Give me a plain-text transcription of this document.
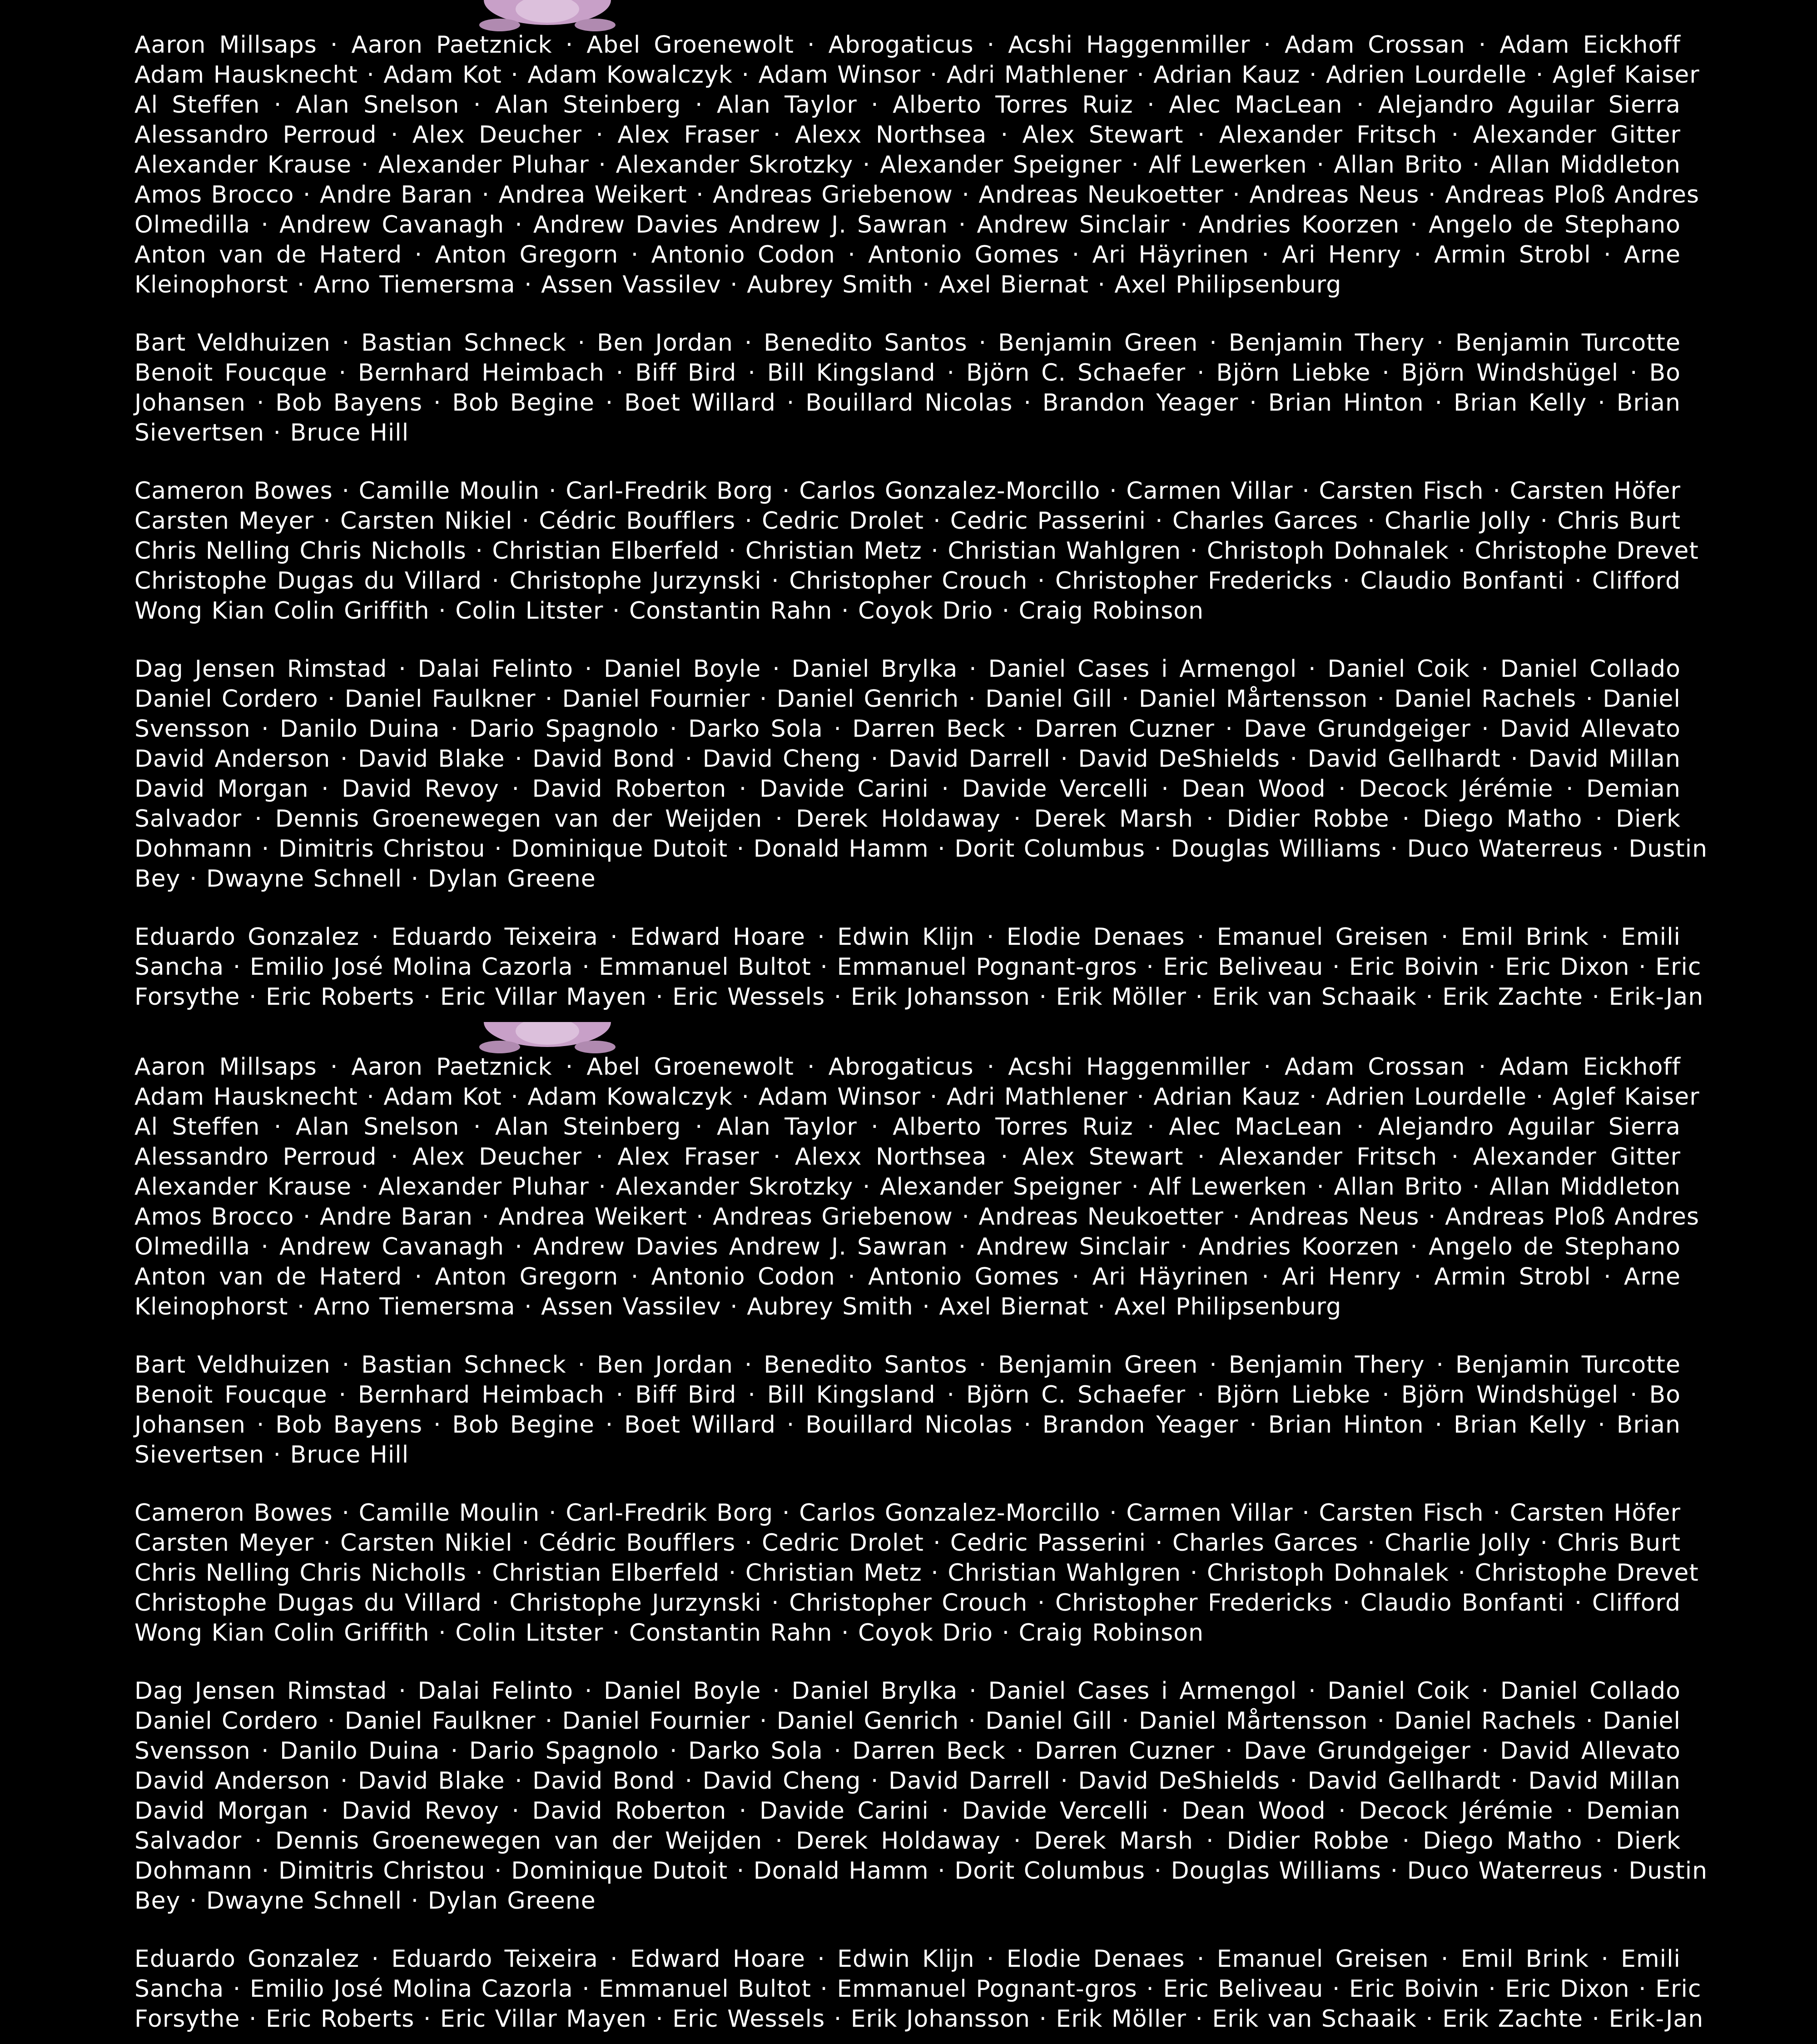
Aaron Millsaps · Aaron Paetznick · Abel Groenewolt · Abrogaticus · Acshi Haggenmiller · Adam Crossan · Adam Eickhoff
Adam Hausknecht · Adam Kot · Adam Kowalczyk · Adam Winsor · Adri Mathlener · Adrian Kauz · Adrien Lourdelle · Aglef Kaiser
Al Steffen · Alan Snelson · Alan Steinberg · Alan Taylor · Alberto Torres Ruiz · Alec MacLean · Alejandro Aguilar Sierra
Alessandro Perroud · Alex Deucher · Alex Fraser · Alexx Northsea · Alex Stewart · Alexander Fritsch · Alexander Gitter
Alexander Krause · Alexander Pluhar · Alexander Skrotzky · Alexander Speigner · Alf Lewerken · Allan Brito · Allan Middleton
Amos Brocco · Andre Baran · Andrea Weikert · Andreas Griebenow · Andreas Neukoetter · Andreas Neus · Andreas Ploß Andres
Olmedilla · Andrew Cavanagh · Andrew Davies Andrew J. Sawran · Andrew Sinclair · Andries Koorzen · Angelo de Stephano
Anton van de Haterd · Anton Gregorn · Antonio Codon · Antonio Gomes · Ari Häyrinen · Ari Henry · Armin Strobl · Arne
Kleinophorst · Arno Tiemersma · Assen Vassilev · Aubrey Smith · Axel Biernat · Axel Philipsenburg
Bart Veldhuizen · Bastian Schneck · Ben Jordan · Benedito Santos · Benjamin Green · Benjamin Thery · Benjamin Turcotte
Benoit Foucque · Bernhard Heimbach · Biff Bird · Bill Kingsland · Björn C. Schaefer · Björn Liebke · Björn Windshügel · Bo
Johansen · Bob Bayens · Bob Begine · Boet Willard · Bouillard Nicolas · Brandon Yeager · Brian Hinton · Brian Kelly · Brian
Sievertsen · Bruce Hill
Cameron Bowes · Camille Moulin · Carl-Fredrik Borg · Carlos Gonzalez-Morcillo · Carmen Villar · Carsten Fisch · Carsten Höfer
Carsten Meyer · Carsten Nikiel · Cédric Boufflers · Cedric Drolet · Cedric Passerini · Charles Garces · Charlie Jolly · Chris Burt
Chris Nelling Chris Nicholls · Christian Elberfeld · Christian Metz · Christian Wahlgren · Christoph Dohnalek · Christophe Drevet
Christophe Dugas du Villard · Christophe Jurzynski · Christopher Crouch · Christopher Fredericks · Claudio Bonfanti · Clifford
Wong Kian Colin Griffith · Colin Litster · Constantin Rahn · Coyok Drio · Craig Robinson
Dag Jensen Rimstad · Dalai Felinto · Daniel Boyle · Daniel Brylka · Daniel Cases i Armengol · Daniel Coik · Daniel Collado
Daniel Cordero · Daniel Faulkner · Daniel Fournier · Daniel Genrich · Daniel Gill · Daniel Mårtensson · Daniel Rachels · Daniel
Svensson · Danilo Duina · Dario Spagnolo · Darko Sola · Darren Beck · Darren Cuzner · Dave Grundgeiger · David Allevato
David Anderson · David Blake · David Bond · David Cheng · David Darrell · David DeShields · David Gellhardt · David Millan
David Morgan · David Revoy · David Roberton · Davide Carini · Davide Vercelli · Dean Wood · Decock Jérémie · Demian
Salvador · Dennis Groenewegen van der Weijden · Derek Holdaway · Derek Marsh · Didier Robbe · Diego Matho · Dierk
Dohmann · Dimitris Christou · Dominique Dutoit · Donald Hamm · Dorit Columbus · Douglas Williams · Duco Waterreus · Dustin
Bey · Dwayne Schnell · Dylan Greene
Eduardo Gonzalez · Eduardo Teixeira · Edward Hoare · Edwin Klijn · Elodie Denaes · Emanuel Greisen · Emil Brink · Emili
Sancha · Emilio José Molina Cazorla · Emmanuel Bultot · Emmanuel Pognant-gros · Eric Beliveau · Eric Boivin · Eric Dixon · Eric
Forsythe · Eric Roberts · Eric Villar Mayen · Eric Wessels · Erik Johansson · Erik Möller · Erik van Schaaik · Erik Zachte · Erik-Jan
Aaron Millsaps · Aaron Paetznick · Abel Groenewolt · Abrogaticus · Acshi Haggenmiller · Adam Crossan · Adam Eickhoff
Adam Hausknecht · Adam Kot · Adam Kowalczyk · Adam Winsor · Adri Mathlener · Adrian Kauz · Adrien Lourdelle · Aglef Kaiser
Al Steffen · Alan Snelson · Alan Steinberg · Alan Taylor · Alberto Torres Ruiz · Alec MacLean · Alejandro Aguilar Sierra
Alessandro Perroud · Alex Deucher · Alex Fraser · Alexx Northsea · Alex Stewart · Alexander Fritsch · Alexander Gitter
Alexander Krause · Alexander Pluhar · Alexander Skrotzky · Alexander Speigner · Alf Lewerken · Allan Brito · Allan Middleton
Amos Brocco · Andre Baran · Andrea Weikert · Andreas Griebenow · Andreas Neukoetter · Andreas Neus · Andreas Ploß Andres
Olmedilla · Andrew Cavanagh · Andrew Davies Andrew J. Sawran · Andrew Sinclair · Andries Koorzen · Angelo de Stephano
Anton van de Haterd · Anton Gregorn · Antonio Codon · Antonio Gomes · Ari Häyrinen · Ari Henry · Armin Strobl · Arne
Kleinophorst · Arno Tiemersma · Assen Vassilev · Aubrey Smith · Axel Biernat · Axel Philipsenburg
Bart Veldhuizen · Bastian Schneck · Ben Jordan · Benedito Santos · Benjamin Green · Benjamin Thery · Benjamin Turcotte
Benoit Foucque · Bernhard Heimbach · Biff Bird · Bill Kingsland · Björn C. Schaefer · Björn Liebke · Björn Windshügel · Bo
Johansen · Bob Bayens · Bob Begine · Boet Willard · Bouillard Nicolas · Brandon Yeager · Brian Hinton · Brian Kelly · Brian
Sievertsen · Bruce Hill
Cameron Bowes · Camille Moulin · Carl-Fredrik Borg · Carlos Gonzalez-Morcillo · Carmen Villar · Carsten Fisch · Carsten Höfer
Carsten Meyer · Carsten Nikiel · Cédric Boufflers · Cedric Drolet · Cedric Passerini · Charles Garces · Charlie Jolly · Chris Burt
Chris Nelling Chris Nicholls · Christian Elberfeld · Christian Metz · Christian Wahlgren · Christoph Dohnalek · Christophe Drevet
Christophe Dugas du Villard · Christophe Jurzynski · Christopher Crouch · Christopher Fredericks · Claudio Bonfanti · Clifford
Wong Kian Colin Griffith · Colin Litster · Constantin Rahn · Coyok Drio · Craig Robinson
Dag Jensen Rimstad · Dalai Felinto · Daniel Boyle · Daniel Brylka · Daniel Cases i Armengol · Daniel Coik · Daniel Collado
Daniel Cordero · Daniel Faulkner · Daniel Fournier · Daniel Genrich · Daniel Gill · Daniel Mårtensson · Daniel Rachels · Daniel
Svensson · Danilo Duina · Dario Spagnolo · Darko Sola · Darren Beck · Darren Cuzner · Dave Grundgeiger · David Allevato
David Anderson · David Blake · David Bond · David Cheng · David Darrell · David DeShields · David Gellhardt · David Millan
David Morgan · David Revoy · David Roberton · Davide Carini · Davide Vercelli · Dean Wood · Decock Jérémie · Demian
Salvador · Dennis Groenewegen van der Weijden · Derek Holdaway · Derek Marsh · Didier Robbe · Diego Matho · Dierk
Dohmann · Dimitris Christou · Dominique Dutoit · Donald Hamm · Dorit Columbus · Douglas Williams · Duco Waterreus · Dustin
Bey · Dwayne Schnell · Dylan Greene
Eduardo Gonzalez · Eduardo Teixeira · Edward Hoare · Edwin Klijn · Elodie Denaes · Emanuel Greisen · Emil Brink · Emili
Sancha · Emilio José Molina Cazorla · Emmanuel Bultot · Emmanuel Pognant-gros · Eric Beliveau · Eric Boivin · Eric Dixon · Eric
Forsythe · Eric Roberts · Eric Villar Mayen · Eric Wessels · Erik Johansson · Erik Möller · Erik van Schaaik · Erik Zachte · Erik-Jan
